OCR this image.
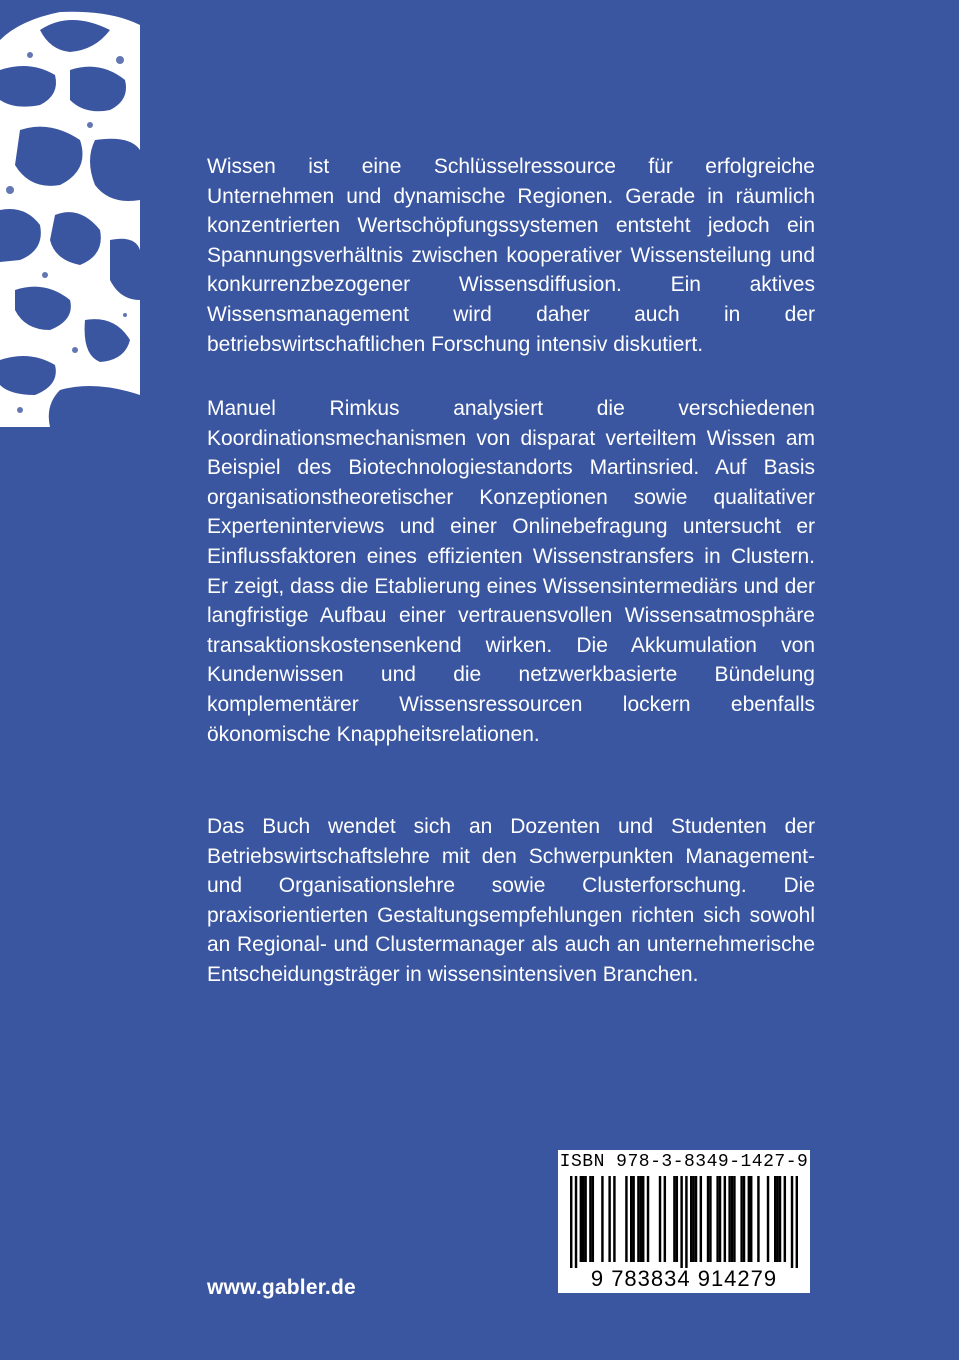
Wissen ist eine Schlüsselressource für erfolgreiche Unternehmen und dynamische Regionen. Gerade in räumlich konzentrierten Wertschöpfungssystemen entsteht jedoch ein Spannungsverhältnis zwischen kooperativer Wissensteilung und konkurrenzbezogener Wissensdiffusion. Ein aktives Wissensmanagement wird daher auch in der betriebswirtschaftlichen Forschung intensiv diskutiert.

Manuel Rimkus analysiert die verschiedenen Koordinationsmechanismen von disparat verteiltem Wissen am Beispiel des Biotechnologiestandorts Martinsried. Auf Basis organisationstheoretischer Konzeptionen sowie qualitativer Experteninterviews und einer Onlinebefragung untersucht er Einflussfaktoren eines effizienten Wissenstransfers in Clustern. Er zeigt, dass die Etablierung eines Wissensintermediärs und der langfristige Aufbau einer vertrauensvollen Wissensatmosphäre transaktionskostensenkend wirken. Die Akkumulation von Kundenwissen und die netzwerkbasierte Bündelung komplementärer Wissensressourcen lockern ebenfalls ökonomische Knappheitsrelationen.

Das Buch wendet sich an Dozenten und Studenten der Betriebswirtschaftslehre mit den Schwerpunkten Management- und Organisationslehre sowie Clusterforschung. Die praxisorientierten Gestaltungsempfehlungen richten sich sowohl an Regional- und Clustermanager als auch an unternehmerische Entscheidungsträger in wissensintensiven Branchen.

www.gabler.de
ISBN 978-3-8349-1427-9
9 783834 914279
